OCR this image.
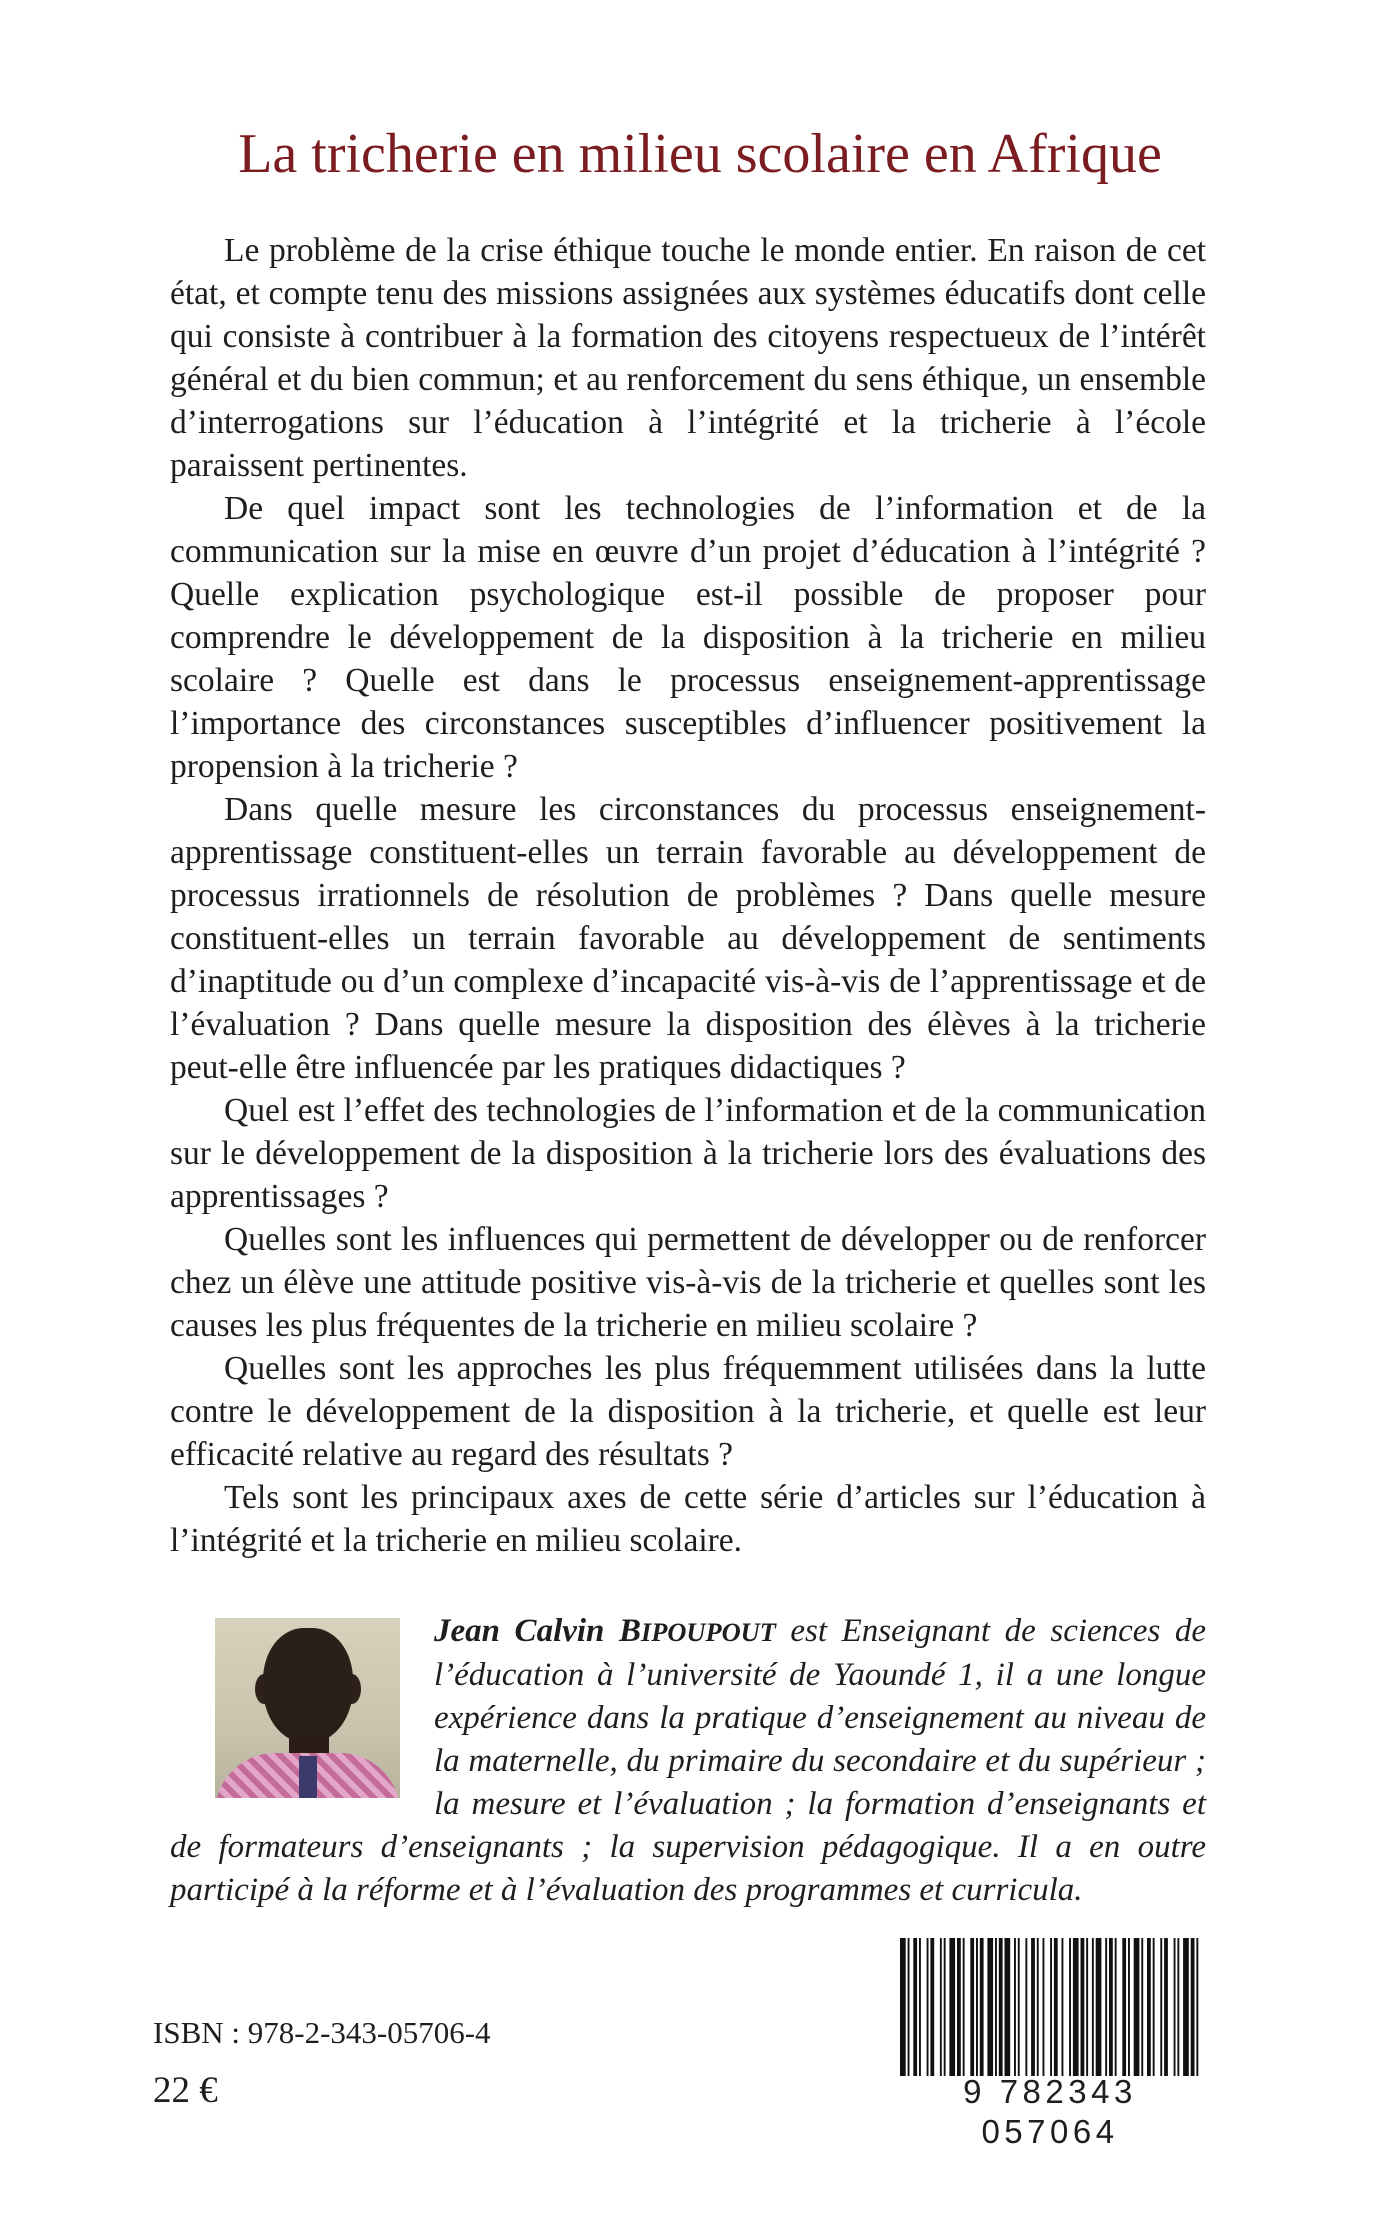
La tricherie en milieu scolaire en Afrique

Le problème de la crise éthique touche le monde entier. En raison de cet état, et compte tenu des missions assignées aux systèmes éducatifs dont celle qui consiste à contribuer à la formation des citoyens respectueux de l’intérêt général et du bien commun; et au renforcement du sens éthique, un ensemble d’interrogations sur l’éducation à l’intégrité et la tricherie à l’école paraissent pertinentes.

De quel impact sont les technologies de l’information et de la communication sur la mise en œuvre d’un projet d’éducation à l’intégrité ? Quelle explication psychologique est-il possible de proposer pour comprendre le développement de la disposition à la tricherie en milieu scolaire ? Quelle est dans le processus enseignement-apprentissage l’importance des circonstances susceptibles d’influencer positivement la propension à la tricherie ?

Dans quelle mesure les circonstances du processus enseignement-apprentissage constituent-elles un terrain favorable au développement de processus irrationnels de résolution de problèmes ? Dans quelle mesure constituent-elles un terrain favorable au développement de sentiments d’inaptitude ou d’un complexe d’incapacité vis-à-vis de l’apprentissage et de l’évaluation ? Dans quelle mesure la disposition des élèves à la tricherie peut-elle être influencée par les pratiques didactiques ?

Quel est l’effet des technologies de l’information et de la communication sur le développement de la disposition à la tricherie lors des évaluations des apprentissages ?

Quelles sont les influences qui permettent de développer ou de renforcer chez un élève une attitude positive vis-à-vis de la tricherie et quelles sont les causes les plus fréquentes de la tricherie en milieu scolaire ?

Quelles sont les approches les plus fréquemment utilisées dans la lutte contre le développement de la disposition à la tricherie, et quelle est leur efficacité relative au regard des résultats ?

Tels sont les principaux axes de cette série d’articles sur l’éducation à l’intégrité et la tricherie en milieu scolaire.

Jean Calvin BIPOUPOUT est Enseignant de sciences de l’éducation à l’université de Yaoundé 1, il a une longue expérience dans la pratique d’enseignement au niveau de la maternelle, du primaire du secondaire et du supérieur ; la mesure et l’évaluation ; la formation d’enseignants et de formateurs d’enseignants ; la supervision pédagogique. Il a en outre participé à la réforme et à l’évaluation des programmes et curricula.

ISBN : 978-2-343-05706-4

22 €	9 782343 057064
